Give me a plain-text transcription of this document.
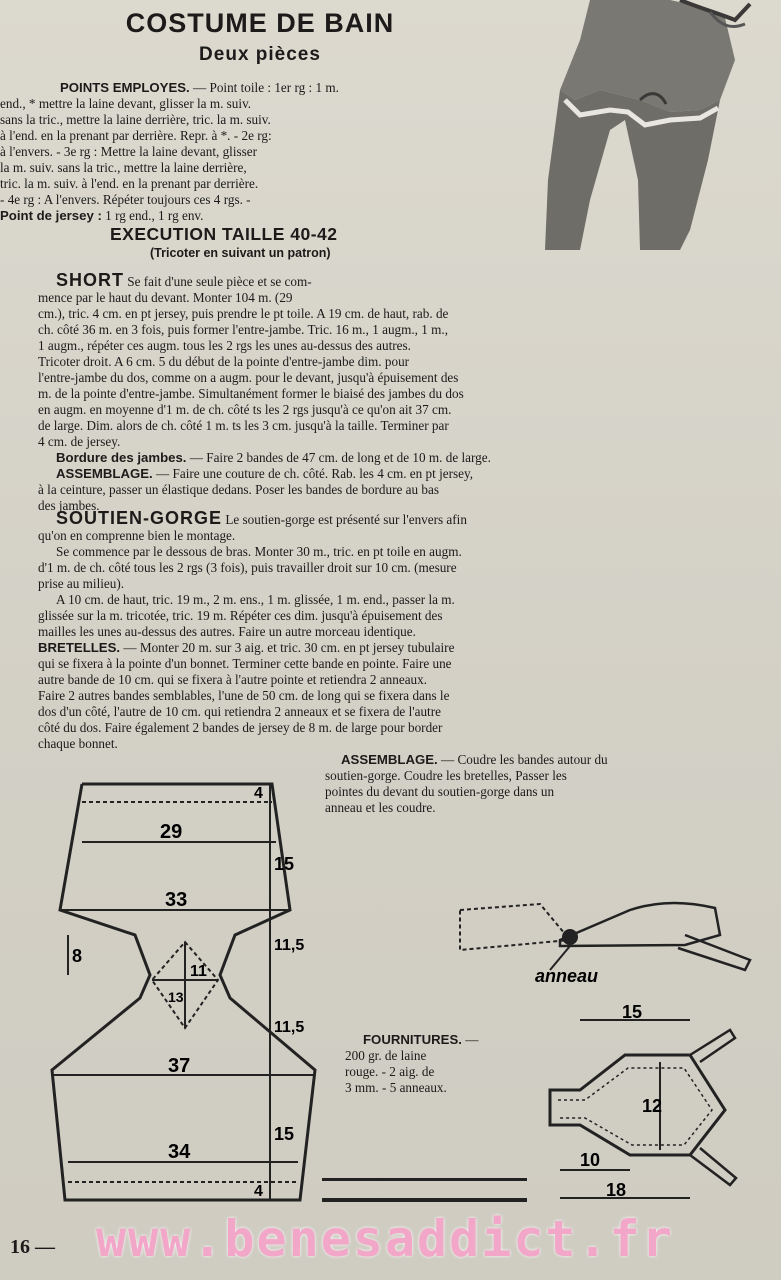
COSTUME DE BAIN
Deux pièces
POINTS EMPLOYES. — Point toile : 1er rg : 1 m.
end., * mettre la laine devant, glisser la m. suiv.
sans la tric., mettre la laine derrière, tric. la m. suiv.
à l'end. en la prenant par derrière. Repr. à *. - 2e rg:
à l'envers. - 3e rg : Mettre la laine devant, glisser
la m. suiv. sans la tric., mettre la laine derrière,
tric. la m. suiv. à l'end. en la prenant par derrière.
- 4e rg : A l'envers. Répéter toujours ces 4 rgs. -
Point de jersey : 1 rg end., 1 rg env.
EXECUTION TAILLE 40-42
(Tricoter en suivant un patron)
SHORT Se fait d'une seule pièce et se com-
mence par le haut du devant. Monter 104 m. (29
cm.), tric. 4 cm. en pt jersey, puis prendre le pt toile. A 19 cm. de haut, rab. de
ch. côté 36 m. en 3 fois, puis former l'entre-jambe. Tric. 16 m., 1 augm., 1 m.,
1 augm., répéter ces augm. tous les 2 rgs les unes au-dessus des autres.
Tricoter droit. A 6 cm. 5 du début de la pointe d'entre-jambe dim. pour
l'entre-jambe du dos, comme on a augm. pour le devant, jusqu'à épuisement des
m. de la pointe d'entre-jambe. Simultanément former le biaisé des jambes du dos
en augm. en moyenne d'1 m. de ch. côté ts les 2 rgs jusqu'à ce qu'on ait 37 cm.
de large. Dim. alors de ch. côté 1 m. ts les 3 cm. jusqu'à la taille. Terminer par
4 cm. de jersey.
Bordure des jambes. — Faire 2 bandes de 47 cm. de long et de 10 m. de large.
ASSEMBLAGE. — Faire une couture de ch. côté. Rab. les 4 cm. en pt jersey,
à la ceinture, passer un élastique dedans. Poser les bandes de bordure au bas
des jambes.
SOUTIEN-GORGE Le soutien-gorge est présenté sur l'envers afin
qu'on en comprenne bien le montage.
Se commence par le dessous de bras. Monter 30 m., tric. en pt toile en augm.
d'1 m. de ch. côté tous les 2 rgs (3 fois), puis travailler droit sur 10 cm. (mesure
prise au milieu).
A 10 cm. de haut, tric. 19 m., 2 m. ens., 1 m. glissée, 1 m. end., passer la m.
glissée sur la m. tricotée, tric. 19 m. Répéter ces dim. jusqu'à épuisement des
mailles les unes au-dessus des autres. Faire un autre morceau identique.
BRETELLES. — Monter 20 m. sur 3 aig. et tric. 30 cm. en pt jersey tubulaire
qui se fixera à la pointe d'un bonnet. Terminer cette bande en pointe. Faire une
autre bande de 10 cm. qui se fixera à l'autre pointe et retiendra 2 anneaux.
Faire 2 autres bandes semblables, l'une de 50 cm. de long qui se fixera dans le
dos d'un côté, l'autre de 10 cm. qui retiendra 2 anneaux et se fixera de l'autre
côté du dos. Faire également 2 bandes de jersey de 8 m. de large pour border
chaque bonnet.
ASSEMBLAGE. — Coudre les bandes autour du
soutien-gorge. Coudre les bretelles, Passer les
pointes du devant du soutien-gorge dans un
anneau et les coudre.
29
33
37
34
4
15
11,5
11,5
15
4
8
11
13
anneau
FOURNITURES. —
200 gr. de laine
rouge. - 2 aig. de
3 mm. - 5 anneaux.
15
12
10
18
16 — www.benesaddict.fr
